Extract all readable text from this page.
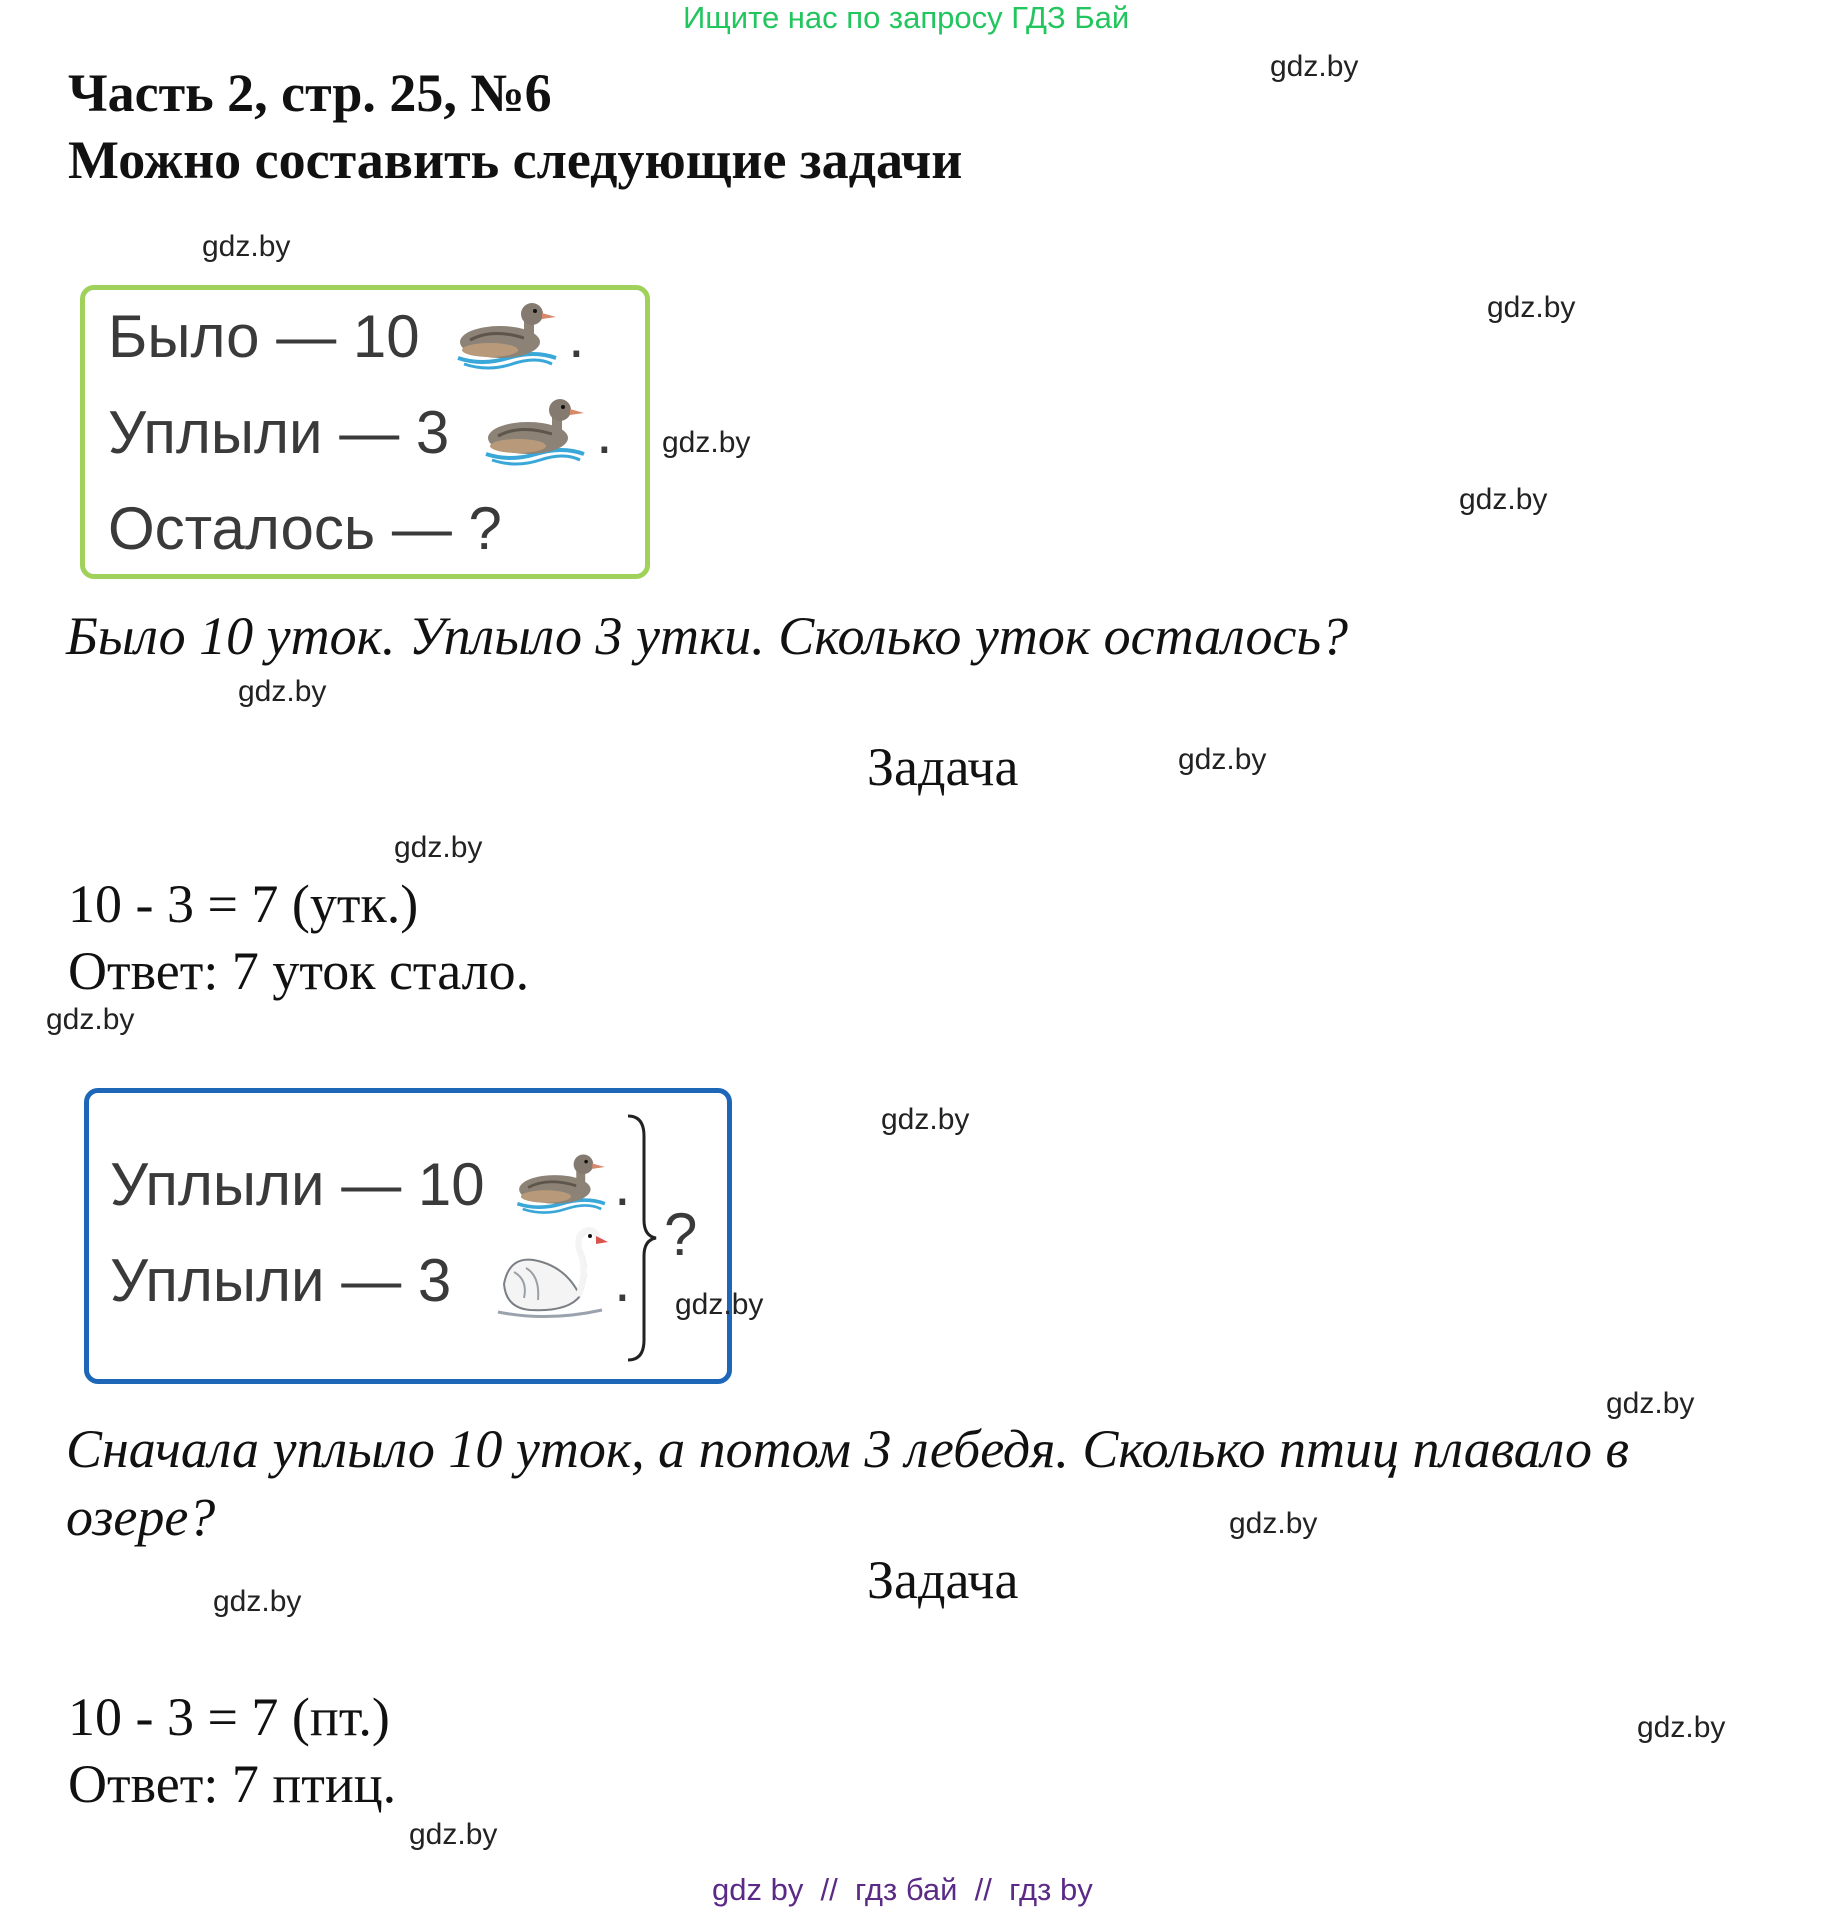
Ищите нас по запросу ГДЗ Бай
Часть 2, стр. 25, №6
Можно составить следующие задачи
gdz.by
gdz.by
gdz.by
gdz.by
gdz.by
gdz.by
gdz.by
gdz.by
gdz.by
gdz.by
gdz.by
gdz.by
gdz.by
gdz.by
gdz.by
Было — 10 .
Уплыли — 3 .
Осталось — ?
Было 10 уток. Уплыло 3 утки. Сколько уток осталось?
Задача
10 - 3 = 7 (утк.)
Ответ: 7 уток стало.
Уплыли — 10 .
Уплыли — 3	.
?
gdz.by
Сначала уплыло 10 уток, а потом 3 лебедя. Сколько птиц плавало в
озере?
Задача
10 - 3 = 7 (пт.)
Ответ: 7 птиц.
gdz by  //  гдз бай  //  гдз by
